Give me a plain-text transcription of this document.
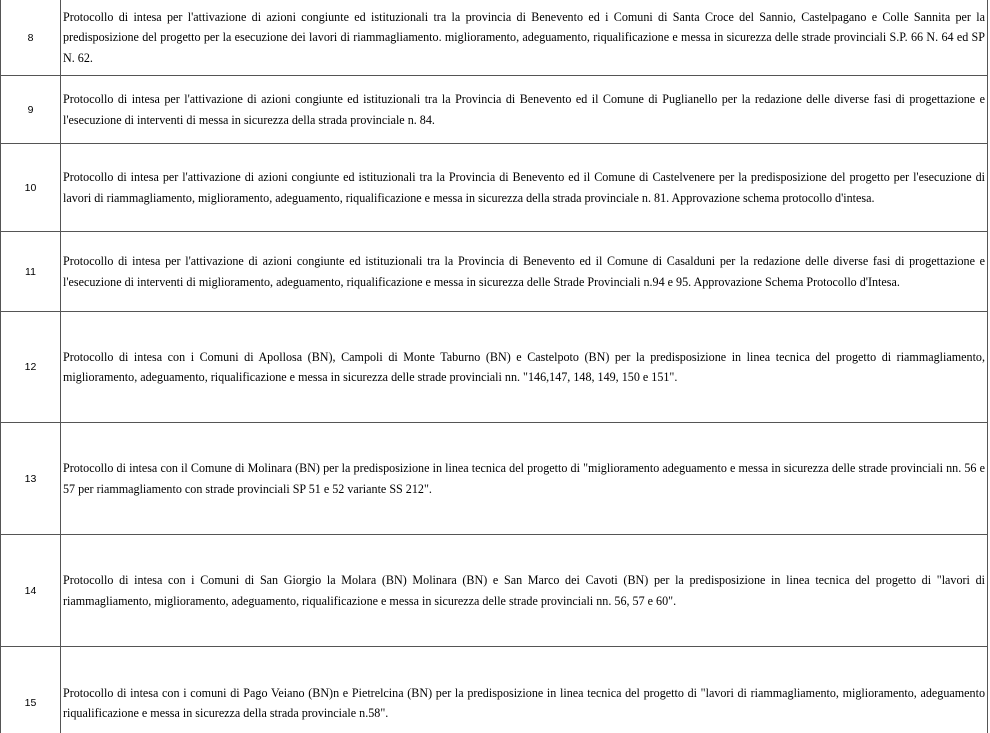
8	Protocollo di intesa per l'attivazione di azioni congiunte ed istituzionali tra la provincia di Benevento ed i Comuni di Santa Croce del Sannio, Castelpagano e Colle Sannita per la predisposizione del progetto per la esecuzione dei lavori di riammagliamento. miglioramento, adeguamento, riqualificazione e messa in sicurezza delle strade provinciali S.P. 66 N. 64 ed SP N. 62.

9	Protocollo di intesa per l'attivazione di azioni congiunte ed istituzionali tra la Provincia di Benevento ed il Comune di Puglianello per la redazione delle diverse fasi di progettazione e l'esecuzione di interventi di messa in sicurezza della strada provinciale n. 84.

10	Protocollo di intesa per l'attivazione di azioni congiunte ed istituzionali tra la Provincia di Benevento ed il Comune di Castelvenere per la predisposizione del progetto per l'esecuzione di lavori di riammagliamento, miglioramento, adeguamento, riqualificazione e messa in sicurezza della strada provinciale n. 81. Approvazione schema protocollo d'intesa.

11	Protocollo di intesa per l'attivazione di azioni congiunte ed istituzionali tra la Provincia di Benevento ed il Comune di Casalduni per la redazione delle diverse fasi di progettazione e l'esecuzione di interventi di miglioramento, adeguamento, riqualificazione e messa in sicurezza delle Strade Provinciali n.94 e 95. Approvazione Schema Protocollo d'Intesa.

12	Protocollo di intesa con i Comuni di Apollosa (BN), Campoli di Monte Taburno (BN) e Castelpoto (BN) per la predisposizione in linea tecnica del progetto di riammagliamento, miglioramento, adeguamento, riqualificazione e messa in sicurezza delle strade provinciali nn. "146,147, 148, 149, 150 e 151".

13	Protocollo di intesa con il Comune di Molinara (BN) per la predisposizione in linea tecnica del progetto di "miglioramento adeguamento e messa in sicurezza delle strade provinciali nn. 56 e 57 per riammagliamento con strade provinciali SP 51 e 52 variante SS 212".

14	Protocollo di intesa con i Comuni di San Giorgio la Molara (BN) Molinara (BN) e San Marco dei Cavoti (BN) per la predisposizione in linea tecnica del progetto di "lavori di riammagliamento, miglioramento, adeguamento, riqualificazione e messa in sicurezza delle strade provinciali nn. 56, 57 e 60".

15	Protocollo di intesa con i comuni di Pago Veiano (BN)n e Pietrelcina (BN) per la predisposizione in linea tecnica del progetto di "lavori di riammagliamento, miglioramento, adeguamento riqualificazione e messa in sicurezza della strada provinciale n.58".
